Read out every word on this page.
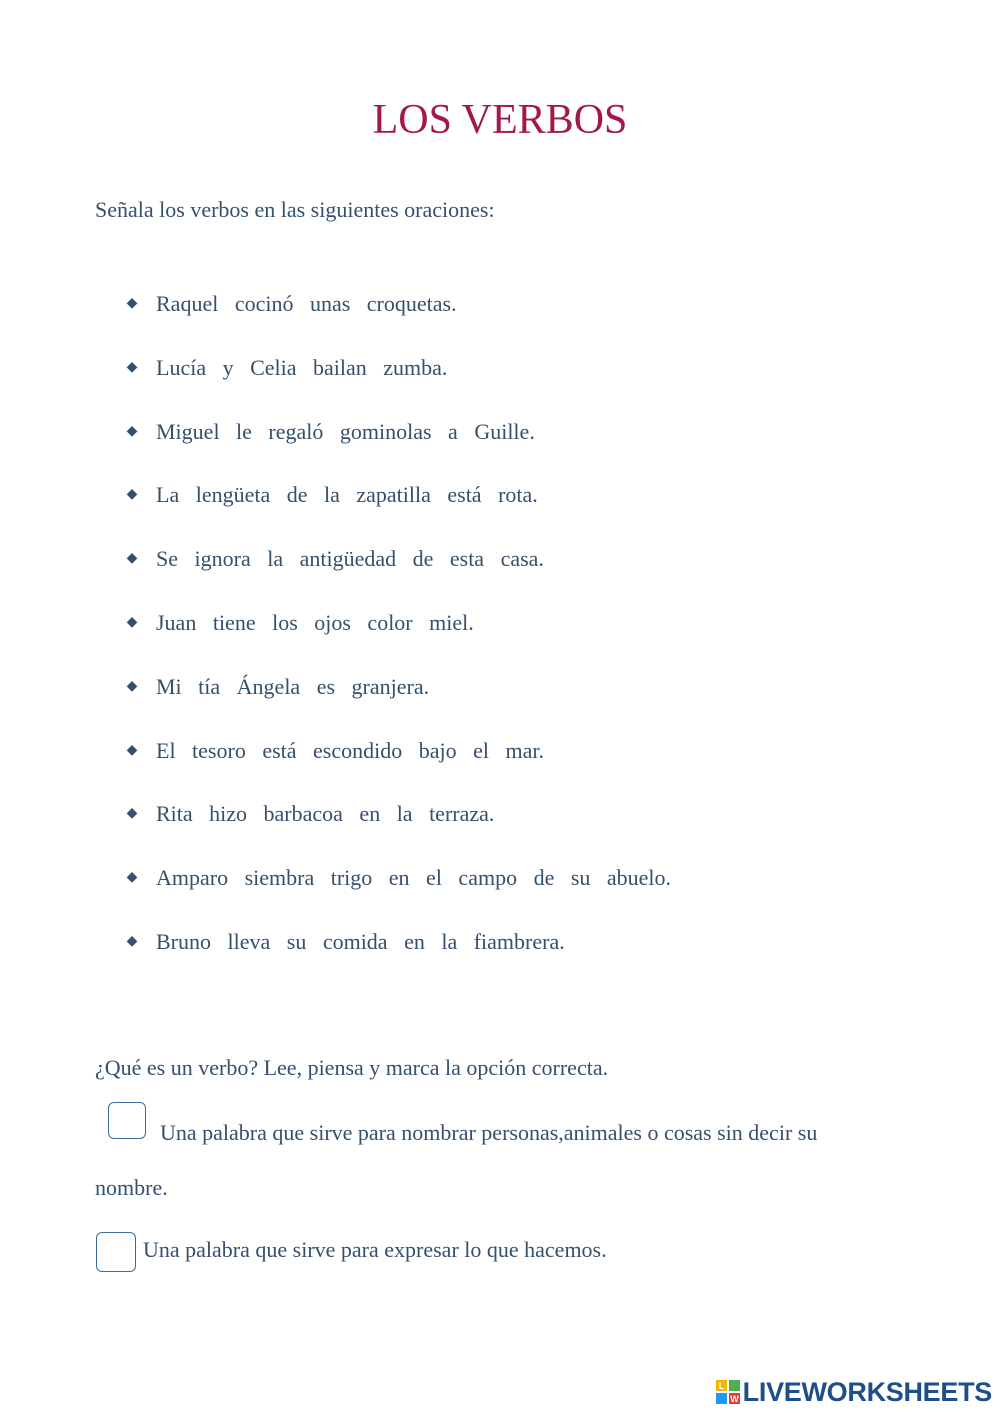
LOS VERBOS

Señala los verbos en las siguientes oraciones:

◆ Raquel cocinó unas croquetas.
◆ Lucía y Celia bailan zumba.
◆ Miguel le regaló gominolas a Guille.
◆ La lengüeta de la zapatilla está rota.
◆ Se ignora la antigüedad de esta casa.
◆ Juan tiene los ojos color miel.
◆ Mi tía Ángela es granjera.
◆ El tesoro está escondido bajo el mar.
◆ Rita hizo barbacoa en la terraza.
◆ Amparo siembra trigo en el campo de su abuelo.
◆ Bruno lleva su comida en la fiambrera.

¿Qué es un verbo? Lee, piensa y marca la opción correcta.

Una palabra que sirve para nombrar personas,animales o cosas sin decir su
nombre.
Una palabra que sirve para expresar lo que hacemos.
L
W LIVEWORKSHEETS
